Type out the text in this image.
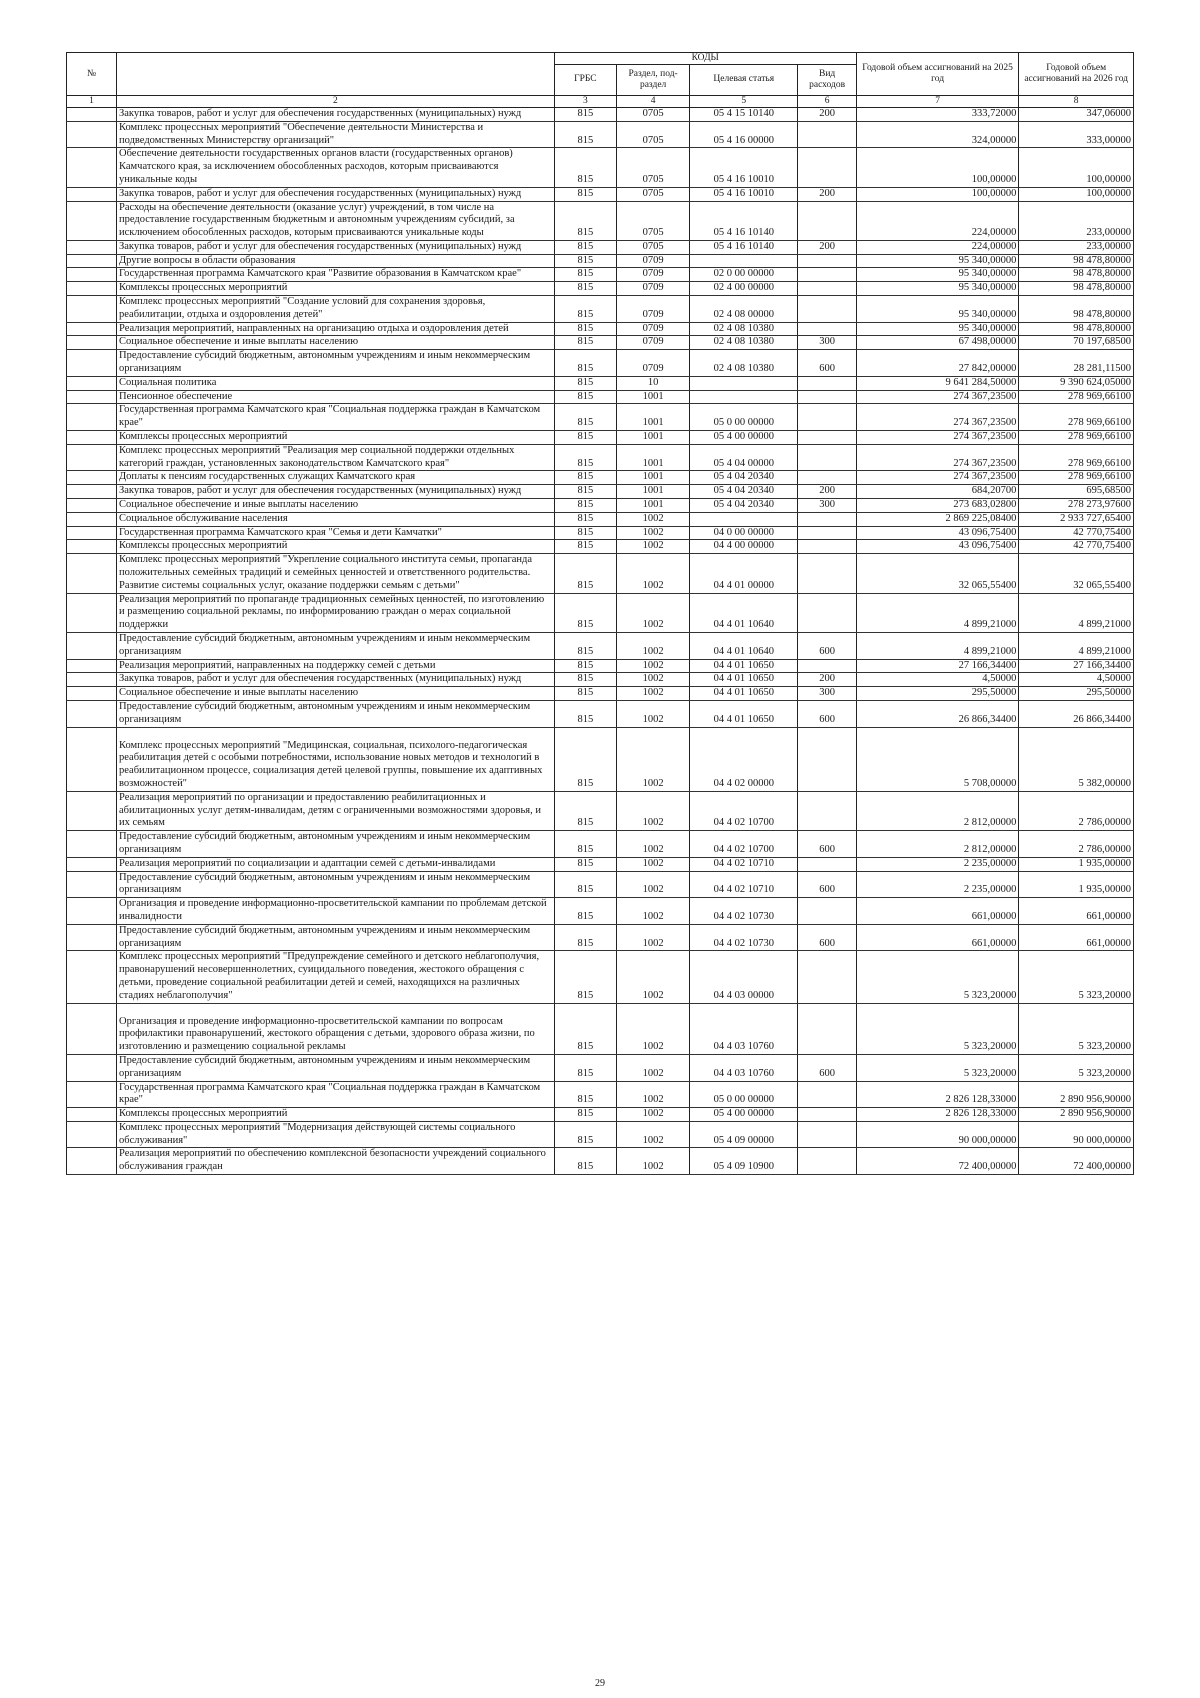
№		КОДЫ				Годовой объем ассигнований на 2025 год	Годовой объем ассигнований на 2026 год
		ГРБС	Раздел, под-раздел	Целевая статья	Вид расходов		
1	2	3	4	5	6	7	8
	Закупка товаров, работ и услуг для обеспечения государственных (муниципальных) нужд	815	0705	05 4 15 10140	200	333,72000	347,06000
	Комплекс процессных мероприятий "Обеспечение деятельности Министерства и подведомственных Министерству организаций"	815	0705	05 4 16 00000		324,00000	333,00000
	Обеспечение деятельности государственных органов власти (государственных органов) Камчатского края, за исключением обособленных расходов, которым присваиваются уникальные коды	815	0705	05 4 16 10010		100,00000	100,00000
	Закупка товаров, работ и услуг для обеспечения государственных (муниципальных) нужд	815	0705	05 4 16 10010	200	100,00000	100,00000
	Расходы на обеспечение деятельности (оказание услуг) учреждений, в том числе на предоставление государственным бюджетным и автономным учреждениям субсидий, за исключением обособленных расходов, которым присваиваются уникальные коды	815	0705	05 4 16 10140		224,00000	233,00000
	Закупка товаров, работ и услуг для обеспечения государственных (муниципальных) нужд	815	0705	05 4 16 10140	200	224,00000	233,00000
	Другие вопросы в области образования	815	0709			95 340,00000	98 478,80000
	Государственная программа Камчатского края "Развитие образования в Камчатском крае"	815	0709	02 0 00 00000		95 340,00000	98 478,80000
	Комплексы процессных мероприятий	815	0709	02 4 00 00000		95 340,00000	98 478,80000
	Комплекс процессных мероприятий "Создание условий для сохранения здоровья, реабилитации, отдыха и оздоровления детей"	815	0709	02 4 08 00000		95 340,00000	98 478,80000
	Реализация мероприятий, направленных на организацию отдыха и оздоровления детей	815	0709	02 4 08 10380		95 340,00000	98 478,80000
	Социальное обеспечение и иные выплаты населению	815	0709	02 4 08 10380	300	67 498,00000	70 197,68500
	Предоставление субсидий бюджетным, автономным учреждениям и иным некоммерческим организациям	815	0709	02 4 08 10380	600	27 842,00000	28 281,11500
	Социальная политика	815	10			9 641 284,50000	9 390 624,05000
	Пенсионное обеспечение	815	1001			274 367,23500	278 969,66100
	Государственная программа Камчатского края "Социальная поддержка граждан в Камчатском крае"	815	1001	05 0 00 00000		274 367,23500	278 969,66100
	Комплексы процессных мероприятий	815	1001	05 4 00 00000		274 367,23500	278 969,66100
	Комплекс процессных мероприятий "Реализация мер социальной поддержки отдельных категорий граждан, установленных законодательством Камчатского края"	815	1001	05 4 04 00000		274 367,23500	278 969,66100
	Доплаты к пенсиям государственных служащих Камчатского края	815	1001	05 4 04 20340		274 367,23500	278 969,66100
	Закупка товаров, работ и услуг для обеспечения государственных (муниципальных) нужд	815	1001	05 4 04 20340	200	684,20700	695,68500
	Социальное обеспечение и иные выплаты населению	815	1001	05 4 04 20340	300	273 683,02800	278 273,97600
	Социальное обслуживание населения	815	1002			2 869 225,08400	2 933 727,65400
	Государственная программа Камчатского края "Семья и дети Камчатки"	815	1002	04 0 00 00000		43 096,75400	42 770,75400
	Комплексы процессных мероприятий	815	1002	04 4 00 00000		43 096,75400	42 770,75400
	Комплекс процессных мероприятий "Укрепление социального института семьи, пропаганда положительных семейных традиций и семейных ценностей и ответственного родительства. Развитие системы социальных услуг, оказание поддержки семьям с детьми"	815	1002	04 4 01 00000		32 065,55400	32 065,55400
	Реализация мероприятий по пропаганде традиционных семейных ценностей, по изготовлению и размещению социальной рекламы, по информированию граждан о мерах социальной поддержки	815	1002	04 4 01 10640		4 899,21000	4 899,21000
	Предоставление субсидий бюджетным, автономным учреждениям и иным некоммерческим организациям	815	1002	04 4 01 10640	600	4 899,21000	4 899,21000
	Реализация мероприятий, направленных на поддержку семей с детьми	815	1002	04 4 01 10650		27 166,34400	27 166,34400
	Закупка товаров, работ и услуг для обеспечения государственных (муниципальных) нужд	815	1002	04 4 01 10650	200	4,50000	4,50000
	Социальное обеспечение и иные выплаты населению	815	1002	04 4 01 10650	300	295,50000	295,50000
	Предоставление субсидий бюджетным, автономным учреждениям и иным некоммерческим организациям	815	1002	04 4 01 10650	600	26 866,34400	26 866,34400
	Комплекс процессных мероприятий "Медицинская, социальная, психолого-педагогическая реабилитация детей с особыми потребностями, использование новых методов и технологий в реабилитационном процессе, социализация детей целевой группы, повышение их адаптивных возможностей"	815	1002	04 4 02 00000		5 708,00000	5 382,00000
	Реализация мероприятий по организации и предоставлению реабилитационных и абилитационных услуг детям-инвалидам, детям с ограниченными возможностями здоровья, и их семьям	815	1002	04 4 02 10700		2 812,00000	2 786,00000
	Предоставление субсидий бюджетным, автономным учреждениям и иным некоммерческим организациям	815	1002	04 4 02 10700	600	2 812,00000	2 786,00000
	Реализация мероприятий по социализации и адаптации семей с детьми-инвалидами	815	1002	04 4 02 10710		2 235,00000	1 935,00000
	Предоставление субсидий бюджетным, автономным учреждениям и иным некоммерческим организациям	815	1002	04 4 02 10710	600	2 235,00000	1 935,00000
	Организация и проведение информационно-просветительской кампании по проблемам детской инвалидности	815	1002	04 4 02 10730		661,00000	661,00000
	Предоставление субсидий бюджетным, автономным учреждениям и иным некоммерческим организациям	815	1002	04 4 02 10730	600	661,00000	661,00000
	Комплекс процессных мероприятий "Предупреждение семейного и детского неблагополучия, правонарушений несовершеннолетних, суицидального поведения, жестокого обращения с детьми, проведение социальной реабилитации детей и семей, находящихся на различных стадиях неблагополучия"	815	1002	04 4 03 00000		5 323,20000	5 323,20000
	Организация и проведение информационно-просветительской кампании по вопросам профилактики правонарушений, жестокого обращения с детьми, здорового образа жизни, по изготовлению и размещению социальной рекламы	815	1002	04 4 03 10760		5 323,20000	5 323,20000
	Предоставление субсидий бюджетным, автономным учреждениям и иным некоммерческим организациям	815	1002	04 4 03 10760	600	5 323,20000	5 323,20000
	Государственная программа Камчатского края "Социальная поддержка граждан в Камчатском крае"	815	1002	05 0 00 00000		2 826 128,33000	2 890 956,90000
	Комплексы процессных мероприятий	815	1002	05 4 00 00000		2 826 128,33000	2 890 956,90000
	Комплекс процессных мероприятий "Модернизация действующей системы социального обслуживания"	815	1002	05 4 09 00000		90 000,00000	90 000,00000
	Реализация мероприятий по обеспечению комплексной безопасности учреждений социального обслуживания граждан	815	1002	05 4 09 10900		72 400,00000	72 400,00000
29
